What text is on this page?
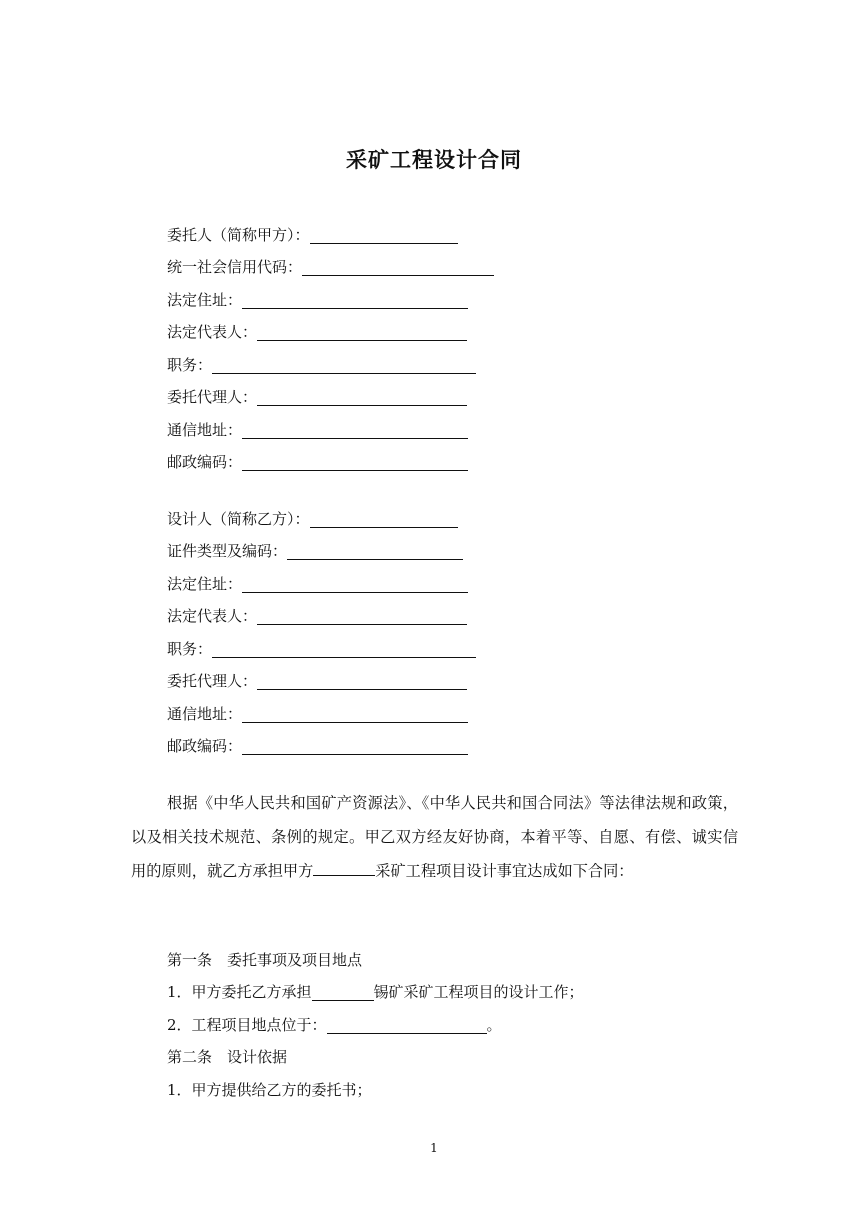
采矿工程设计合同
委托人（简称甲方）：
统一社会信用代码：
法定住址：
法定代表人：
职务：
委托代理人：
通信地址：
邮政编码：
设计人（简称乙方）：
证件类型及编码：
法定住址：
法定代表人：
职务：
委托代理人：
通信地址：
邮政编码：

根据《中华人民共和国矿产资源法》、《中华人民共和国合同法》等法律法规和政策，以及相关技术规范、条例的规定。甲乙双方经友好协商，本着平等、自愿、有偿、诚实信用的原则，就乙方承担甲方	采矿工程项目设计事宜达成如下合同：

第一条　委托事项及项目地点
1．甲方委托乙方承担	锡矿采矿工程项目的设计工作；
2．工程项目地点位于：	。
第二条　设计依据
1．甲方提供给乙方的委托书；
1
